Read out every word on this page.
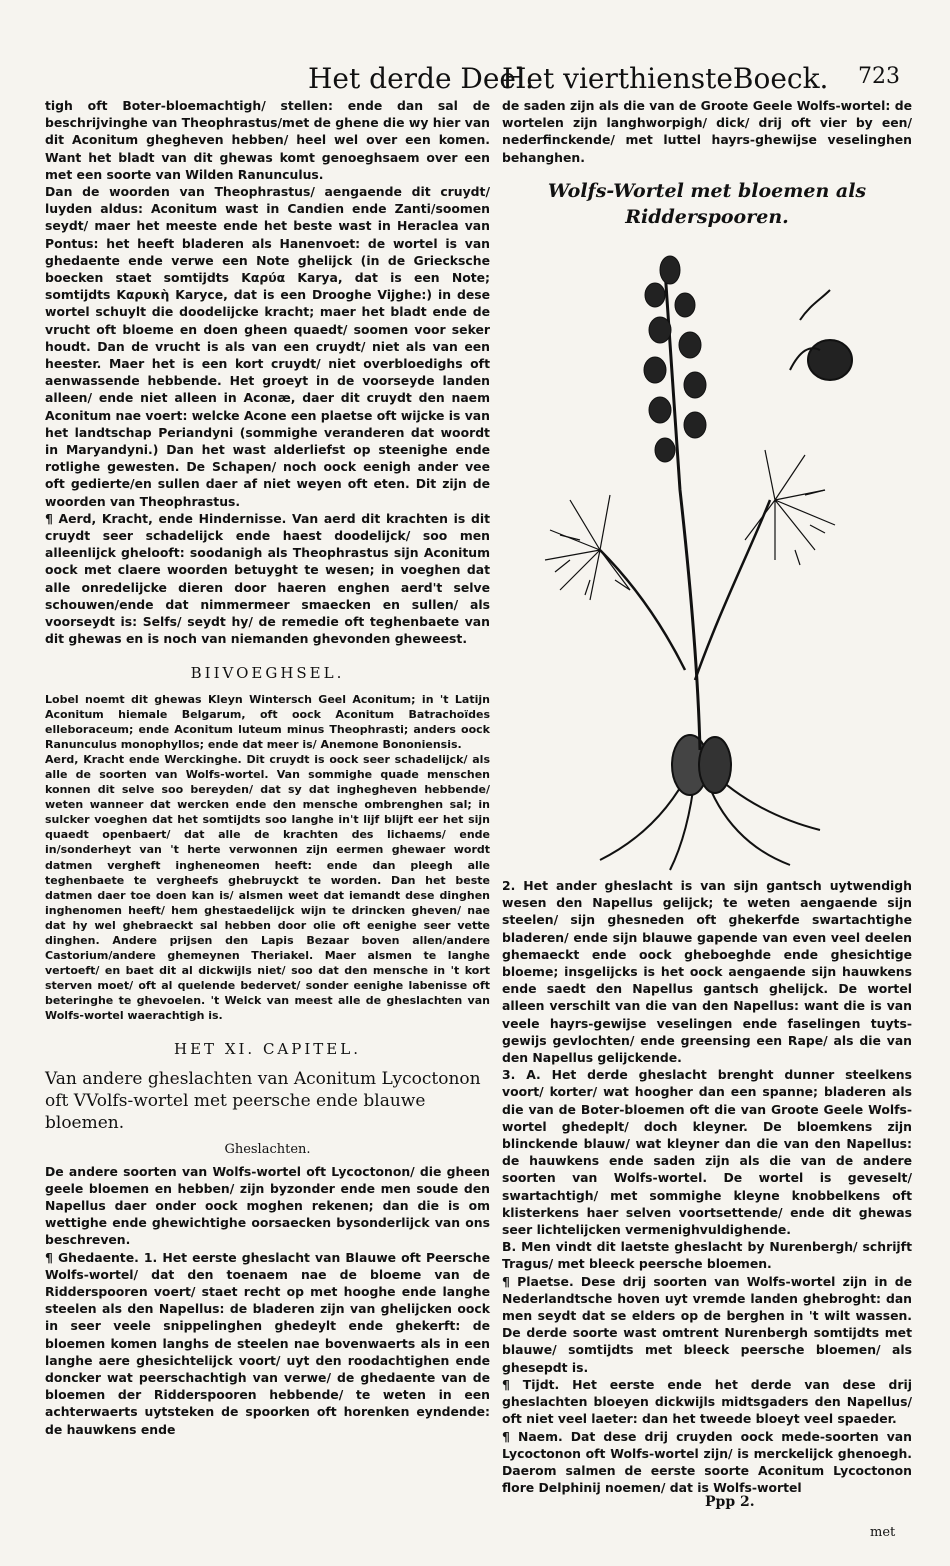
Het derde Deel.
Het vierthiensteBoeck. 723

tigh oft Boter-bloemachtigh/ stellen: ende dan sal de beschrijvinghe van Theophrastus/met de ghene die wy hier van dit Aconitum ghegheven hebben/ heel wel over een komen. Want het bladt van dit ghewas komt genoeghsaem over een met een soorte van Wilden Ranunculus.

Dan de woorden van Theophrastus/ aengaende dit cruydt/ luyden aldus: Aconitum wast in Candien ende Zanti/soomen seydt/ maer het meeste ende het beste wast in Heraclea van Pontus: het heeft bladeren als Hanenvoet: de wortel is van ghedaente ende verwe een Note ghelijck (in de Griecksche boecken staet somtijdts Καρύα Karya, dat is een Note; somtijdts Καρυκὴ Karyce, dat is een Drooghe Vijghe:) in dese wortel schuylt die doodelijcke kracht; maer het bladt ende de vrucht oft bloeme en doen gheen quaedt/ soomen voor seker houdt. Dan de vrucht is als van een cruydt/ niet als van een heester. Maer het is een kort cruydt/ niet overbloedighs oft aenwassende hebbende. Het groeyt in de voorseyde landen alleen/ ende niet alleen in Aconæ, daer dit cruydt den naem Aconitum nae voert: welcke Acone een plaetse oft wijcke is van het landtschap Periandyni (sommighe veranderen dat woordt in Maryandyni.) Dan het wast alderliefst op steenighe ende rotlighe gewesten. De Schapen/ noch oock eenigh ander vee oft gedierte/en sullen daer af niet weyen oft eten. Dit zijn de woorden van Theophrastus.

¶ Aerd, Kracht, ende Hindernisse. Van aerd dit krachten is dit cruydt seer schadelijck ende haest doodelijck/ soo men alleenlijck ghelooft: soodanigh als Theophrastus sijn Aconitum oock met claere woorden betuyght te wesen; in voeghen dat alle onredelijcke dieren door haeren enghen aerd't selve schouwen/ende dat nimmermeer smaecken en sullen/ als voorseydt is: Selfs/ seydt hy/ de remedie oft teghenbaete van dit ghewas en is noch van niemanden ghevonden gheweest.

BIIVOEGHSEL.

Lobel noemt dit ghewas Kleyn Wintersch Geel Aconitum; in 't Latijn Aconitum hiemale Belgarum, oft oock Aconitum Batrachoïdes elleboraceum; ende Aconitum luteum minus Theophrasti; anders oock Ranunculus monophyllos; ende dat meer is/ Anemone Bononiensis.

Aerd, Kracht ende Werckinghe. Dit cruydt is oock seer schadelijck/ als alle de soorten van Wolfs-wortel. Van sommighe quade menschen konnen dit selve soo bereyden/ dat sy dat inghegheven hebbende/ weten wanneer dat wercken ende den mensche ombrenghen sal; in sulcker voeghen dat het somtijdts soo langhe in't lijf blijft eer het sijn quaedt openbaert/ dat alle de krachten des lichaems/ ende in/sonderheyt van 't herte verwonnen zijn eermen ghewaer wordt datmen vergheft ingheneomen heeft: ende dan pleegh alle teghenbaete te vergheefs ghebruyckt te worden. Dan het beste datmen daer toe doen kan is/ alsmen weet dat iemandt dese dinghen inghenomen heeft/ hem ghestaedelijck wijn te drincken gheven/ nae dat hy wel ghebraeckt sal hebben door olie oft eenighe seer vette dinghen. Andere prijsen den Lapis Bezaar boven allen/andere Castorium/andere ghemeynen Theriakel. Maer alsmen te langhe vertoeft/ en baet dit al dickwijls niet/ soo dat den mensche in 't kort sterven moet/ oft al quelende bedervet/ sonder eenighe labenisse oft beteringhe te ghevoelen. 't Welck van meest alle de gheslachten van Wolfs-wortel waerachtigh is.

HET XI. CAPITEL.
Van andere gheslachten van Aconitum Lycoctonon oft VVolfs-wortel met peersche ende blauwe bloemen.
Gheslachten.

De andere soorten van Wolfs-wortel oft Lycoctonon/ die gheen geele bloemen en hebben/ zijn byzonder ende men soude den Napellus daer onder oock moghen rekenen; dan die is om wettighe ende ghewichtighe oorsaecken bysonderlijck van ons beschreven.

¶ Ghedaente. 1. Het eerste gheslacht van Blauwe oft Peersche Wolfs-wortel/ dat den toenaem nae de bloeme van de Ridderspooren voert/ staet recht op met hooghe ende langhe steelen als den Napellus: de bladeren zijn van ghelijcken oock in seer veele snippelinghen ghedeylt ende ghekerft: de bloemen komen langhs de steelen nae bovenwaerts als in een langhe aere ghesichtelijck voort/ uyt den roodachtighen ende doncker wat peerschachtigh van verwe/ de ghedaente van de bloemen der Ridderspooren hebbende/ te weten in een achterwaerts uytsteken de spoorken oft horenken eyndende: de hauwkens ende

de saden zijn als die van de Groote Geele Wolfs-wortel: de wortelen zijn langhworpigh/ dick/ drij oft vier by een/ nederfinckende/ met luttel hayrs-ghewijse veselinghen behanghen.

Wolfs-Wortel met bloemen als Ridderspooren.

2. Het ander gheslacht is van sijn gantsch uytwendigh wesen den Napellus gelijck; te weten aengaende sijn steelen/ sijn ghesneden oft ghekerfde swartachtighe bladeren/ ende sijn blauwe gapende van even veel deelen ghemaeckt ende oock gheboeghde ende ghesichtige bloeme; insgelijcks is het oock aengaende sijn hauwkens ende saedt den Napellus gantsch ghelijck. De wortel alleen verschilt van die van den Napellus: want die is van veele hayrs-gewijse veselingen ende faselingen tuyts-gewijs gevlochten/ ende greensing een Rape/ als die van den Napellus gelijckende.

3. A. Het derde gheslacht brenght dunner steelkens voort/ korter/ wat hoogher dan een spanne; bladeren als die van de Boter-bloemen oft die van Groote Geele Wolfs-wortel ghedeplt/ doch kleyner. De bloemkens zijn blinckende blauw/ wat kleyner dan die van den Napellus: de hauwkens ende saden zijn als die van de andere soorten van Wolfs-wortel. De wortel is geveselt/ swartachtigh/ met sommighe kleyne knobbelkens oft klisterkens haer selven voortsettende/ ende dit ghewas seer lichtelijcken vermenighvuldighende.

B. Men vindt dit laetste gheslacht by Nurenbergh/ schrijft Tragus/ met bleeck peersche bloemen.

¶ Plaetse. Dese drij soorten van Wolfs-wortel zijn in de Nederlandtsche hoven uyt vremde landen ghebroght: dan men seydt dat se elders op de berghen in 't wilt wassen. De derde soorte wast omtrent Nurenbergh somtijdts met blauwe/ somtijdts met bleeck peersche bloemen/ als ghesepdt is.

¶ Tijdt. Het eerste ende het derde van dese drij gheslachten bloeyen dickwijls midtsgaders den Napellus/ oft niet veel laeter: dan het tweede bloeyt veel spaeder.

¶ Naem. Dat dese drij cruyden oock mede-soorten van Lycoctonon oft Wolfs-wortel zijn/ is merckelijck ghenoegh. Daerom salmen de eerste soorte Aconitum Lycoctonon flore Delphinij noemen/ dat is Wolfs-wortel

Ppp 2.
met
